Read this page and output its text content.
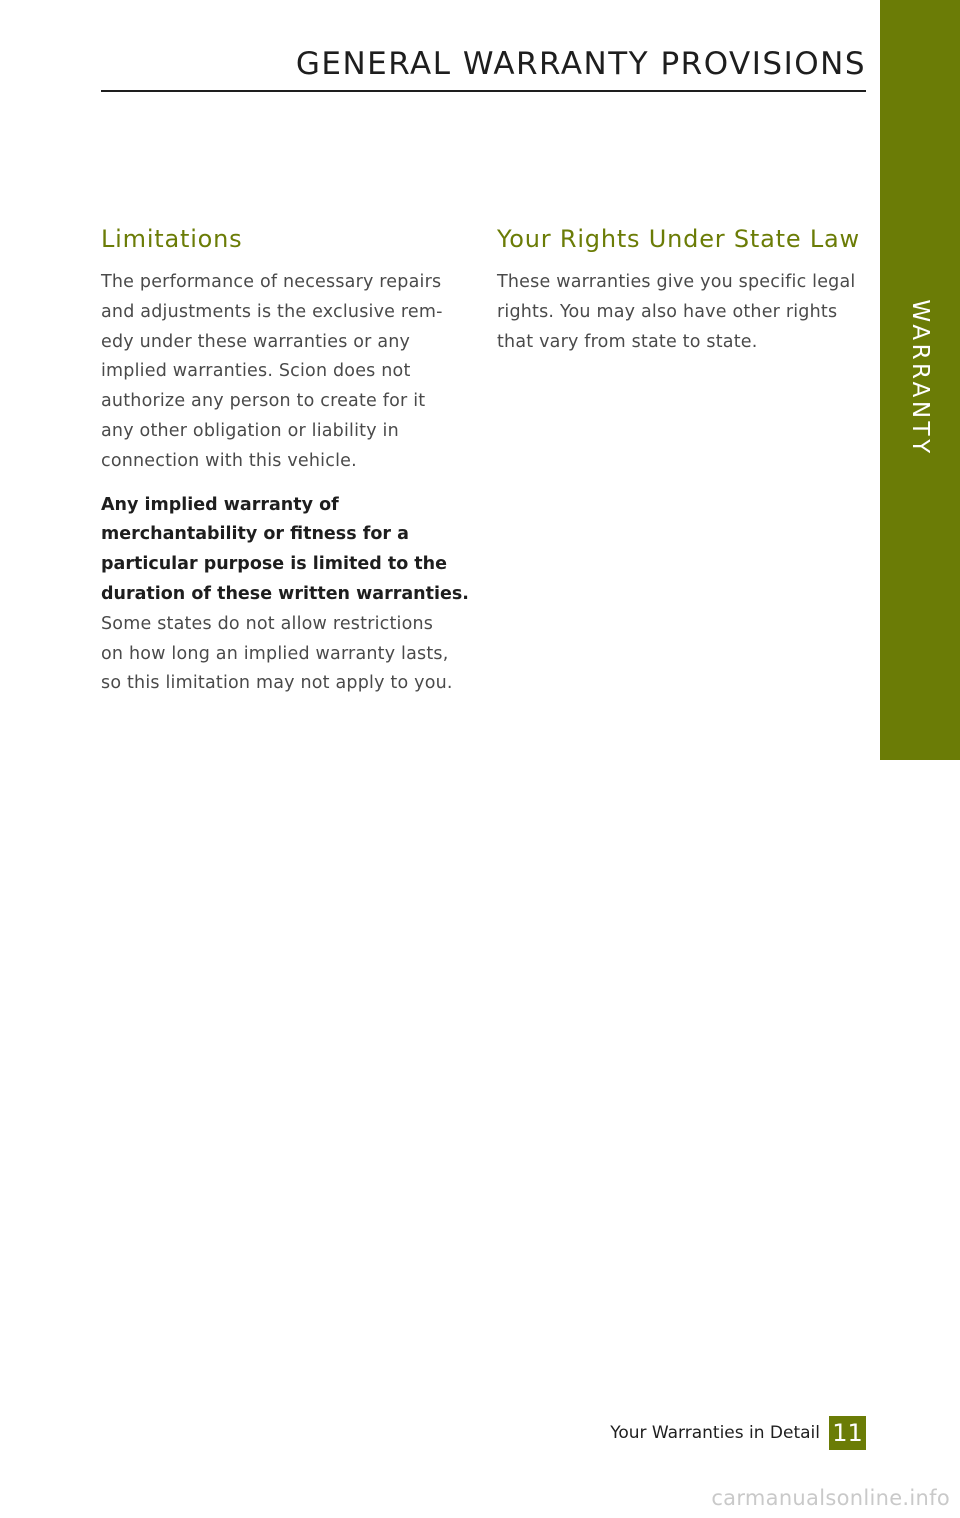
GENERAL WARRANTY PROVISIONS
WARRANTY
Limitations

The performance of necessary repairs
and adjustments is the exclusive rem-
edy under these warranties or any
implied warranties. Scion does not
authorize any person to create for it
any other obligation or liability in
connection with this vehicle.

Any implied warranty of
merchantability or fitness for a
particular purpose is limited to the
duration of these written warranties.

Some states do not allow restrictions
on how long an implied warranty lasts,
so this limitation may not apply to you.

Your Rights Under State Law

These warranties give you specific legal
rights. You may also have other rights
that vary from state to state.

Your Warranties in Detail 11
carmanualsonline.info
